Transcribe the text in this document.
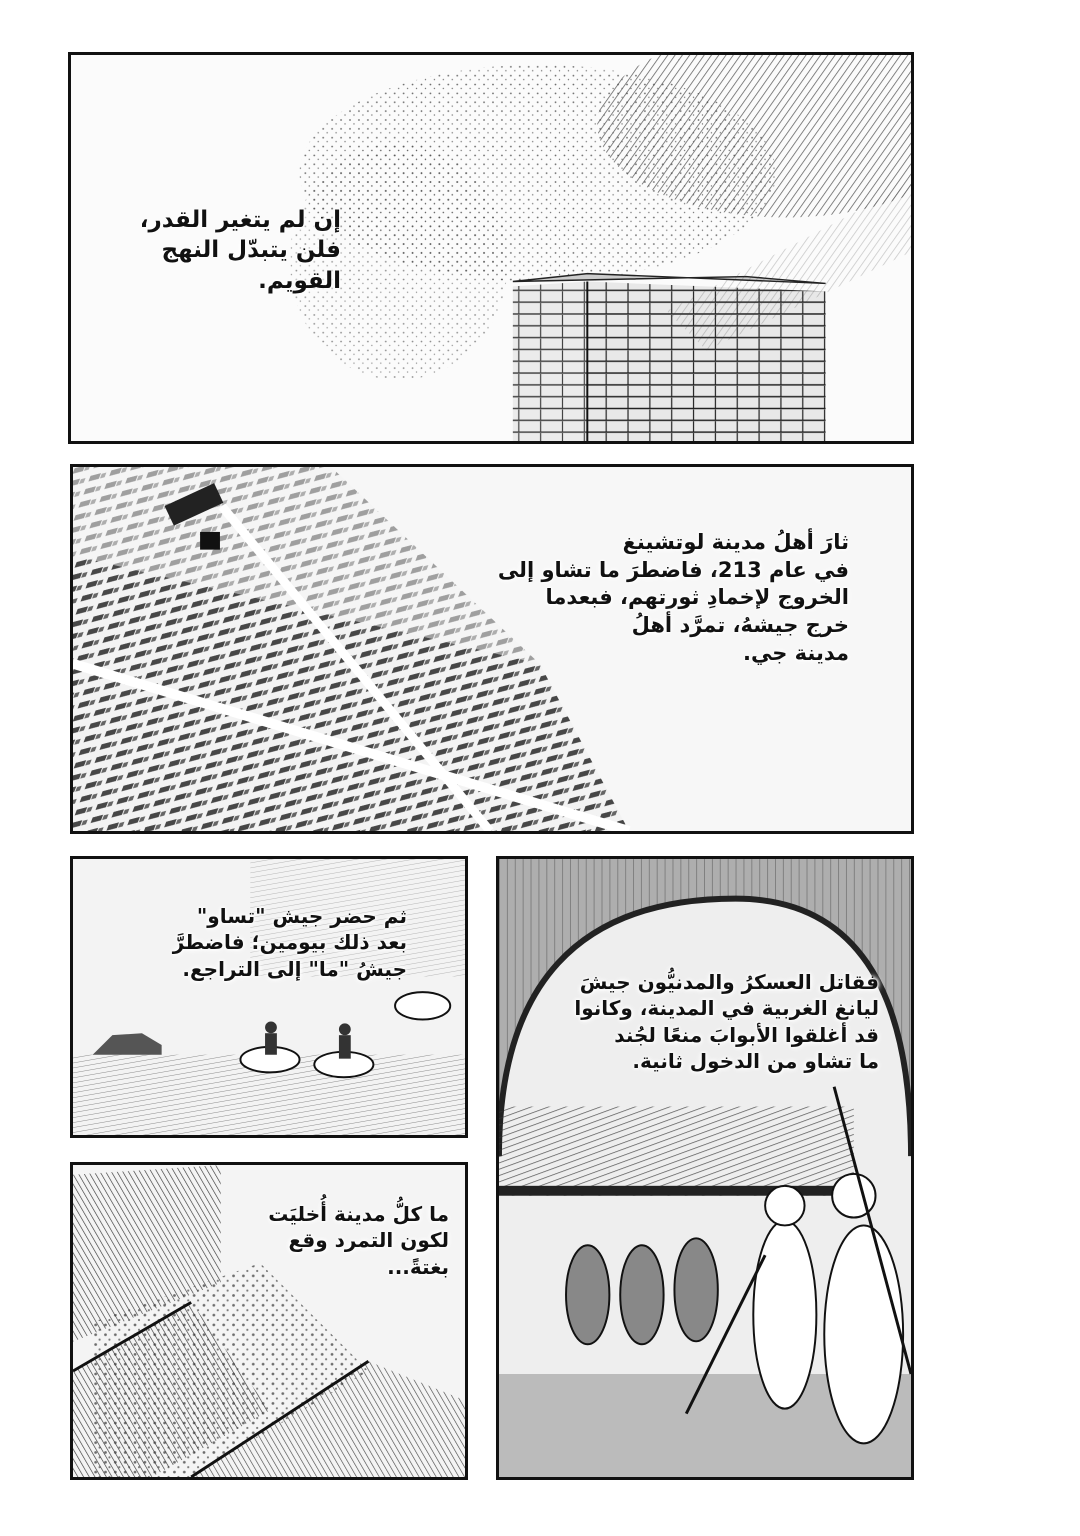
إن لم يتغير القدر،
فلن يتبدّل النهج
القويم.
ثارَ أهلُ مدينة لوتشينغ
في عام 213، فاضطرَ ما تشاو إلى
الخروج لإخمادِ ثورتهم، فبعدما
خرج جيشهُ، تمرَّد أهلُ
مدينة جي.
ثم حضر جيش "تساو"
بعد ذلك بيومين؛ فاضطرَّ
جيشُ "ما" إلى التراجع.
فقاتل العسكرُ والمدنيُّون جيشَ
ليانغ الغربية في المدينة، وكانوا
قد أغلقوا الأبوابَ منعًا لجُند
ما تشاو من الدخول ثانية.
ما كلُّ مدينة أُخليَت
لكون التمرد وقع
بغتةً...
